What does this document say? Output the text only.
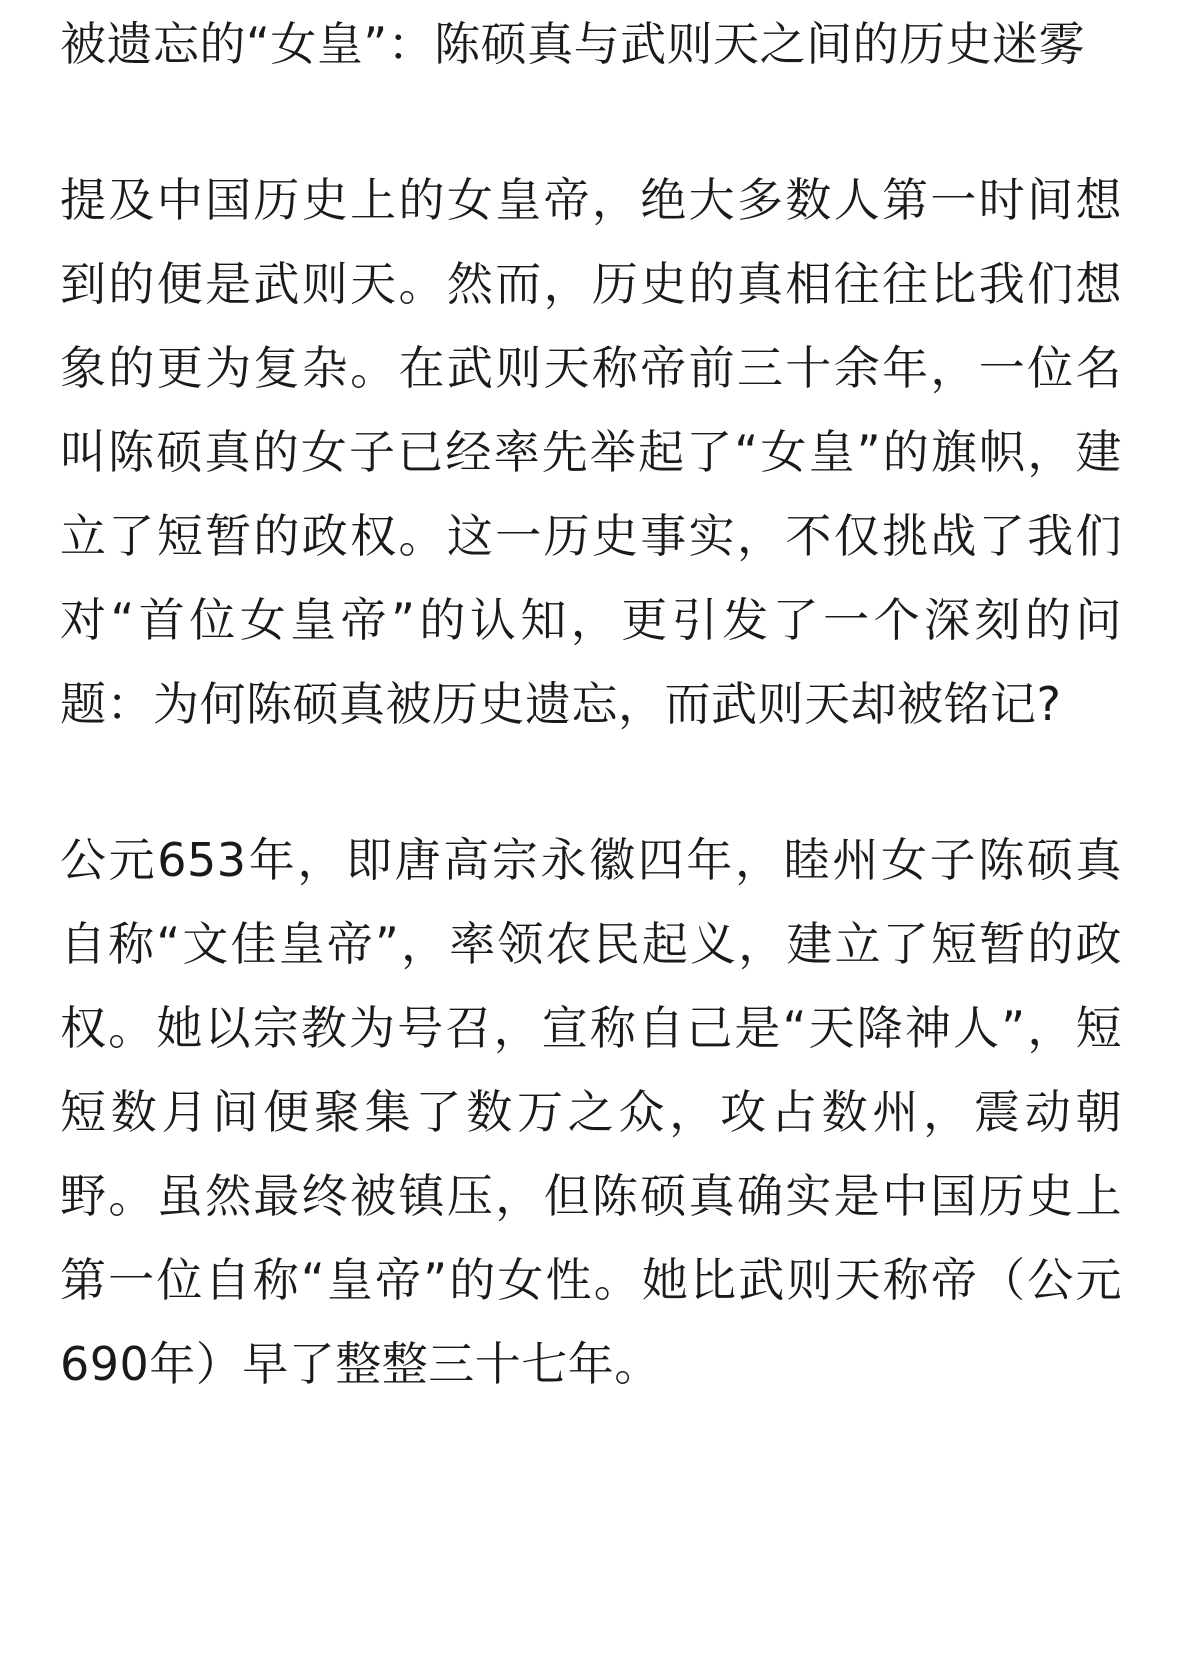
被遗忘的“女皇”：陈硕真与武则天之间的历史迷雾

提及中国历史上的女皇帝，绝大多数人第一时间想到的便是武则天。然而，历史的真相往往比我们想象的更为复杂。在武则天称帝前三十余年，一位名叫陈硕真的女子已经率先举起了“女皇”的旗帜，建立了短暂的政权。这一历史事实，不仅挑战了我们对“首位女皇帝”的认知，更引发了一个深刻的问题：为何陈硕真被历史遗忘，而武则天却被铭记?

公元653年，即唐高宗永徽四年，睦州女子陈硕真自称“文佳皇帝”，率领农民起义，建立了短暂的政权。她以宗教为号召，宣称自己是“天降神人”，短短数月间便聚集了数万之众，攻占数州，震动朝野。虽然最终被镇压，但陈硕真确实是中国历史上第一位自称“皇帝”的女性。她比武则天称帝（公元690年）早了整整三十七年。
